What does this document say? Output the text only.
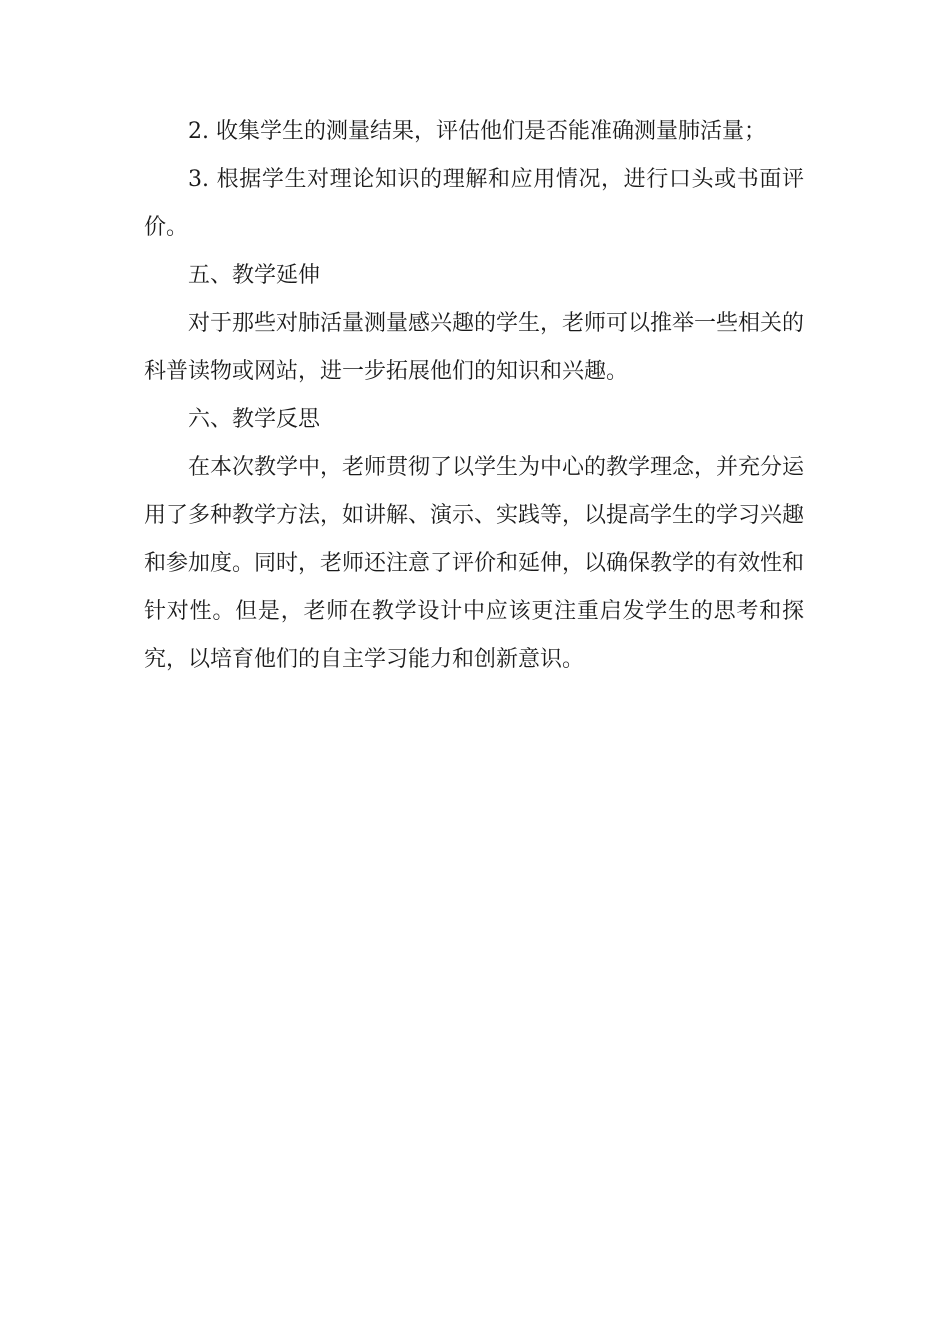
2. 收集学生的测量结果，评估他们是否能准确测量肺活量；

3. 根据学生对理论知识的理解和应用情况，进行口头或书面评价。

五、教学延伸

对于那些对肺活量测量感兴趣的学生，老师可以推举一些相关的科普读物或网站，进一步拓展他们的知识和兴趣。

六、教学反思

在本次教学中，老师贯彻了以学生为中心的教学理念，并充分运用了多种教学方法，如讲解、演示、实践等，以提高学生的学习兴趣和参加度。同时，老师还注意了评价和延伸，以确保教学的有效性和针对性。但是，老师在教学设计中应该更注重启发学生的思考和探究，以培育他们的自主学习能力和创新意识。
